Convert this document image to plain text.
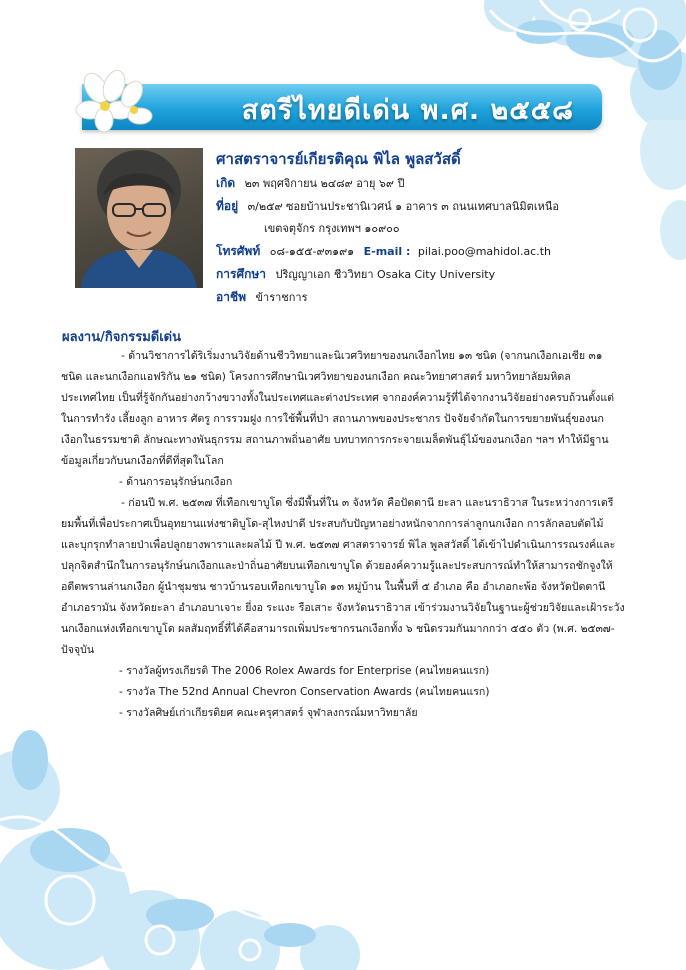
สตรีไทยดีเด่น พ.ศ. ๒๕๕๘
ศาสตราจารย์เกียรติคุณ พิไล พูลสวัสดิ์
เกิด ๒๓ พฤศจิกายน ๒๔๘๙ อายุ ๖๙ ปี
ที่อยู่ ๓/๒๕๙ ซอยบ้านประชานิเวศน์ ๑ อาคาร ๓ ถนนเทศบาลนิมิตเหนือ
เขตจตุจักร กรุงเทพฯ ๑๐๙๐๐
โทรศัพท์ ๐๘-๑๕๕-๙๓๑๙๑ E-mail : pilai.poo@mahidol.ac.th
การศึกษา ปริญญาเอก ชีววิทยา Osaka City University
อาชีพ ข้าราชการ
ผลงาน/กิจกรรมดีเด่น

- ด้านวิชาการได้ริเริ่มงานวิจัยด้านชีววิทยาและนิเวศวิทยาของนกเงือกไทย ๑๓ ชนิด (จากนกเงือกเอเชีย ๓๑ ชนิด และนกเงือกแอฟริกัน ๒๑ ชนิด) โครงการศึกษานิเวศวิทยาของนกเงือก คณะวิทยาศาสตร์ มหาวิทยาลัยมหิดล ประเทศไทย เป็นที่รู้จักกันอย่างกว้างขวางทั้งในประเทศและต่างประเทศ จากองค์ความรู้ที่ได้จากงานวิจัยอย่างครบถ้วนตั้งแต่ในการทำรัง เลี้ยงลูก อาหาร ศัตรู การรวมฝูง การใช้พื้นที่ป่า สถานภาพของประชากร ปัจจัยจำกัดในการขยายพันธุ์ของนกเงือกในธรรมชาติ ลักษณะทางพันธุกรรม สถานภาพถิ่นอาศัย บทบาทการกระจายเมล็ดพันธุ์ไม้ของนกเงือก ฯลฯ ทำให้มีฐานข้อมูลเกี่ยวกับนกเงือกที่ดีที่สุดในโลก

- ด้านการอนุรักษ์นกเงือก

- ก่อนปี พ.ศ. ๒๕๓๗ ที่เทือกเขาบูโด ซึ่งมีพื้นที่ใน ๓ จังหวัด คือปัตตานี ยะลา และนราธิวาส ในระหว่างการเตรียมพื้นที่เพื่อประกาศเป็นอุทยานแห่งชาติบูโด-สุไหงปาดี ประสบกับปัญหาอย่างหนักจากการล่าลูกนกเงือก การลักลอบตัดไม้ และบุกรุกทำลายป่าเพื่อปลูกยางพาราและผลไม้ ปี พ.ศ. ๒๕๓๗ ศาสตราจารย์ พิไล พูลสวัสดิ์ ได้เข้าไปดำเนินการรณรงค์และปลุกจิตสำนึกในการอนุรักษ์นกเงือกและป่าถิ่นอาศัยบนเทือกเขาบูโด ด้วยองค์ความรู้และประสบการณ์ทำให้สามารถชักจูงให้อดีตพรานล่านกเงือก ผู้นำชุมชน ชาวบ้านรอบเทือกเขาบูโด ๑๓ หมู่บ้าน ในพื้นที่ ๕ อำเภอ คือ อำเภอกะพ้อ จังหวัดปัตตานี อำเภอรามัน จังหวัดยะลา อำเภอบาเจาะ ยี่งอ ระแงะ รือเสาะ จังหวัดนราธิวาส เข้าร่วมงานวิจัยในฐานะผู้ช่วยวิจัยและเฝ้าระวังนกเงือกแห่งเทือกเขาบูโด ผลสัมฤทธิ์ที่ได้คือสามารถเพิ่มประชากรนกเงือกทั้ง ๖ ชนิดรวมกันมากกว่า ๕๕๐ ตัว (พ.ศ. ๒๕๓๗-ปัจจุบัน

- รางวัลผู้ทรงเกียรติ The 2006 Rolex Awards for Enterprise (คนไทยคนแรก)

- รางวัล The 52nd Annual Chevron Conservation Awards (คนไทยคนแรก)

- รางวัลศิษย์เก่าเกียรติยศ คณะครุศาสตร์ จุฬาลงกรณ์มหาวิทยาลัย
